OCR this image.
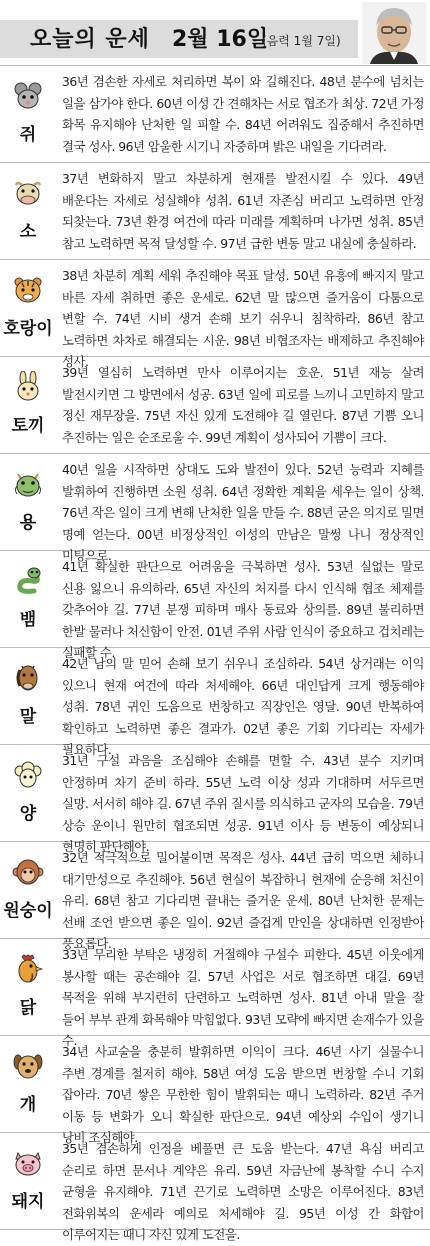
오늘의 운세 2월 16일
(음력 1월 7일)
쥐
36년 겸손한 자세로 처리하면 복이 와 길해진다. 48년 분수에 넘치는 일을 삼가야 한다. 60년 이성 간 견해차는 서로 협조가 최상. 72년 가정 화목 유지해야 난처한 일 피할 수. 84년 어려워도 집중해서 추진하면 결국 성사. 96년 암울한 시기니 자중하며 밝은 내일을 기다려라.
소
37년 변화하지 말고 차분하게 현재를 발전시킬 수 있다. 49년 배운다는 자세로 성실해야 성취. 61년 자존심 버리고 노력하면 안정 되찾는다. 73년 환경 여건에 따라 미래를 계획하며 나가면 성취. 85년 참고 노력하면 목적 달성할 수. 97년 급한 변동 말고 내실에 충실하라.
호랑이
38년 차분히 계획 세워 추진해야 목표 달성. 50년 유흥에 빠지지 말고 바른 자세 취하면 좋은 운세로. 62년 말 많으면 즐거움이 다툼으로 변할 수. 74년 시비 생겨 손해 보기 쉬우니 침착하라. 86년 참고 노력하면 차차로 해결되는 시운. 98년 비협조자는 배제하고 추진해야 성사.
토끼
39년 열심히 노력하면 만사 이루어지는 호운. 51년 재능 살려 발전시키면 그 방면에서 성공. 63년 일에 피로를 느끼니 고민하지 말고 정신 재무장을. 75년 자신 있게 도전해야 길 열린다. 87년 기쁨 오니 추진하는 일은 순조로울 수. 99년 계획이 성사되어 기쁨이 크다.
용
40년 일을 시작하면 상대도 도와 발전이 있다. 52년 능력과 지혜를 발휘하여 진행하면 소원 성취. 64년 정확한 계획을 세우는 일이 상책. 76년 작은 일이 크게 변해 난처한 일을 만들 수. 88년 굳은 의지로 밀면 명예 얻는다. 00년 비정상적인 이성의 만남은 말썽 나니 정상적인 미팅으로.
뱀
41년 확실한 판단으로 어려움을 극복하면 성사. 53년 실없는 말로 신용 잃으니 유의하라. 65년 자신의 처지를 다시 인식해 협조 체제를 갖추어야 길. 77년 분쟁 피하며 매사 동료와 상의를. 89년 불리하면 한발 물러나 처신함이 안전. 01년 주위 사람 인식이 중요하고 겁치레는 실패할 수.
말
42년 남의 말 믿어 손해 보기 쉬우니 조심하라. 54년 상거래는 이익 있으니 현재 여건에 따라 처세해야. 66년 대인답게 크게 행동해야 성취. 78년 귀인 도움으로 번창하고 직장인은 영달. 90년 반복하여 확인하고 노력하면 좋은 결과가. 02년 좋은 기회 기다리는 자세가 필요하다.
양
31년 구설 과음을 조심해야 손해를 면할 수. 43년 분수 지키며 안정하며 차기 준비 하라. 55년 노력 이상 성과 기대하며 서두르면 실망. 서서히 해야 길. 67년 주위 질시를 의식하고 군자의 모습을. 79년 상승 운이니 원만히 협조되면 성공. 91년 이사 등 변동이 예상되니 현명히 판단해야.
원숭이
32년 적극적으로 밀어붙이면 목적은 성사. 44년 급히 먹으면 체하니 대기만성으로 추진해야. 56년 현실이 복잡하니 현재에 순응해 처신이 유리. 68년 참고 기다리면 끝내는 즐거운 운세. 80년 난처한 문제는 선배 조언 받으면 좋은 일이. 92년 즐겁게 만인을 상대하면 인정받아 풍요롭다.
닭
33년 무리한 부탁은 냉정히 거절해야 구설수 피한다. 45년 이웃에게 봉사할 때는 공손해야 길. 57년 사업은 서로 협조하면 대길. 69년 목적을 위해 부지런히 단련하고 노력하면 성사. 81년 아내 말을 잘 들어 부부 관계 화목해야 막힘없다. 93년 모략에 빠지면 손재수가 있을 수.
개
34년 사교술을 충분히 발휘하면 이익이 크다. 46년 사기 실물수니 주변 경계를 철저히 해야. 58년 여성 도움 받으면 번창할 수니 기회 잡아라. 70년 쌓은 무한한 힘이 발휘되는 때니 노력하라. 82년 주거 이동 등 변화가 오니 확실한 판단으로. 94년 예상외 수입이 생기니 낭비 조심해야.
돼지
35년 겸손하게 인정을 베풀면 큰 도움 받는다. 47년 욕심 버리고 순리로 하면 문서나 계약은 유리. 59년 자금난에 봉착할 수니 수지 균형을 유지해야. 71년 끈기로 노력하면 소망은 이루어진다. 83년 전화위복의 운세라 예의로 처세해야 길. 95년 이성 간 화합이 이루어지는 때니 자신 있게 도전을.
